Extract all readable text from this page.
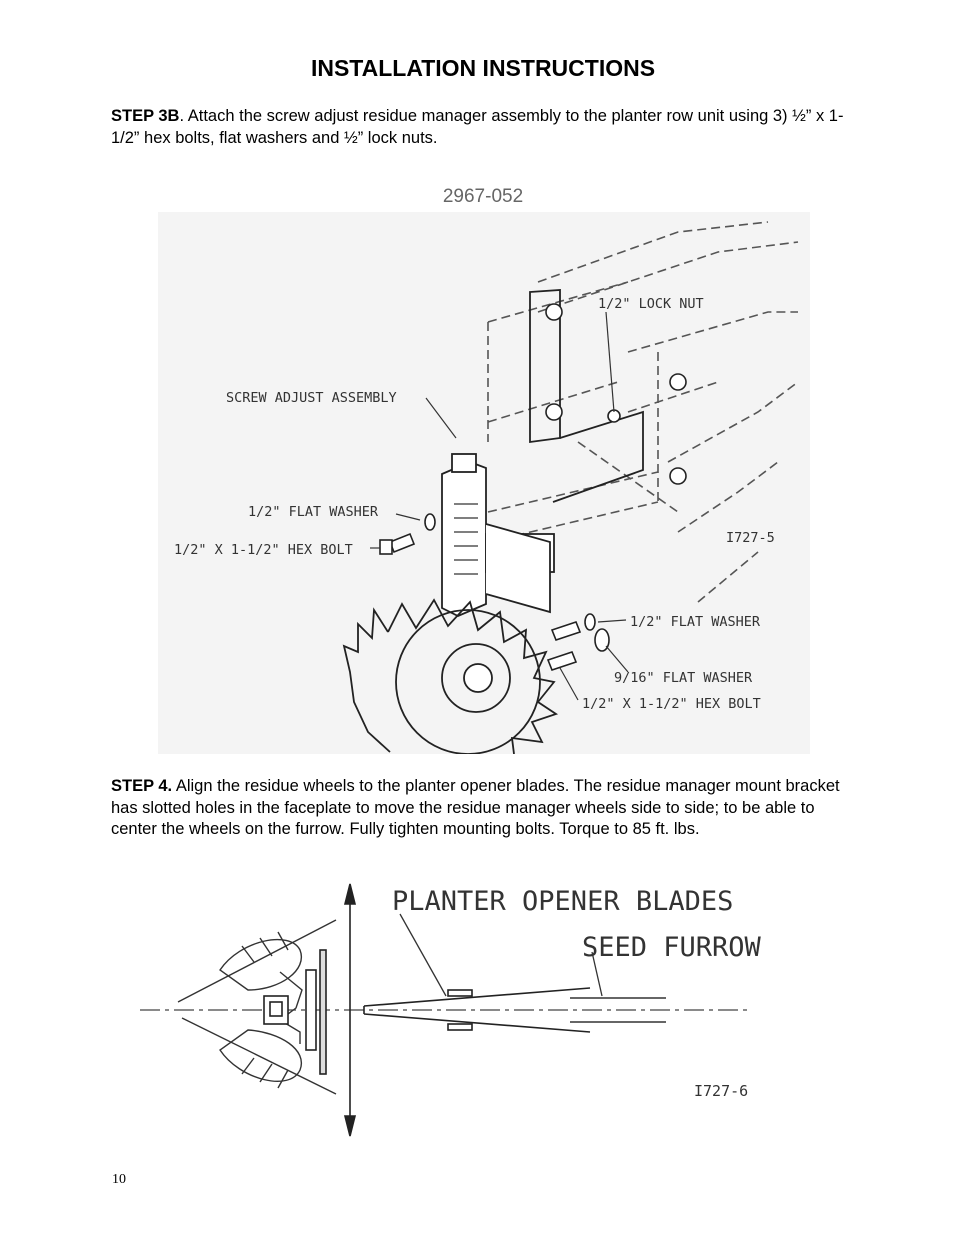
INSTALLATION INSTRUCTIONS

STEP 3B. Attach the screw adjust residue manager assembly to the planter row unit using 3) ½” x 1-1/2” hex bolts, flat washers and ½” lock nuts.

2967-052
1/2" LOCK NUT
SCREW ADJUST ASSEMBLY
1/2" FLAT WASHER
1/2" X 1-1/2" HEX BOLT
I727-5
1/2" FLAT WASHER
9/16" FLAT WASHER
1/2" X 1-1/2" HEX BOLT

STEP 4. Align the residue wheels to the planter opener blades. The residue manager mount bracket has slotted holes in the faceplate to move the residue manager wheels side to side; to be able to center the wheels on the furrow. Fully tighten mounting bolts. Torque to 85 ft. lbs.

PLANTER OPENER BLADES
SEED FURROW
I727-6
10
